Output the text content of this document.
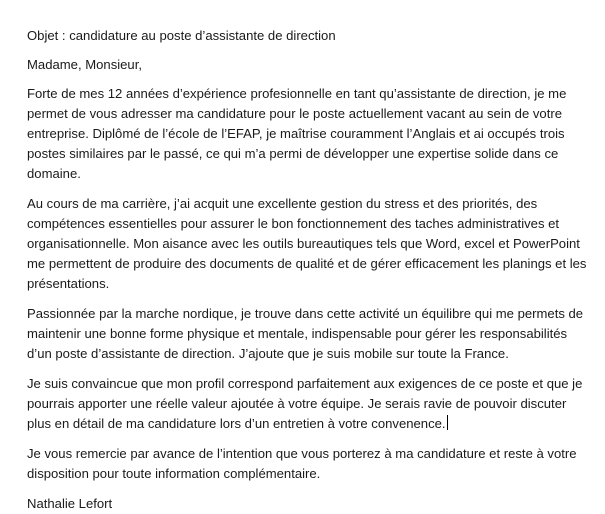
Objet : candidature au poste d’assistante de direction

Madame, Monsieur,

Forte de mes 12 années d’expérience profesionnelle en tant qu’assistante de direction, je me permet de vous adresser ma candidature pour le poste actuellement vacant au sein de votre entreprise. Diplômé de l’école de l’EFAP, je maîtrise couramment l’Anglais et ai occupés trois postes similaires par le passé, ce qui m’a permi de développer une expertise solide dans ce domaine.

Au cours de ma carrière, j’ai acquit une excellente gestion du stress et des priorités, des compétences essentielles pour assurer le bon fonctionnement des taches administratives et organisationnelle. Mon aisance avec les outils bureautiques tels que Word, excel et PowerPoint me permettent de produire des documents de qualité et de gérer efficacement les planings et les présentations.

Passionnée par la marche nordique, je trouve dans cette activité un équilibre qui me permets de maintenir une bonne forme physique et mentale, indispensable pour gérer les responsabilités d’un poste d’assistante de direction. J’ajoute que je suis mobile sur toute la France.

Je suis convaincue que mon profil correspond parfaitement aux exigences de ce poste et que je pourrais apporter une réelle valeur ajoutée à votre équipe. Je serais ravie de pouvoir discuter plus en détail de ma candidature lors d’un entretien à votre convenence.

Je vous remercie par avance de l’intention que vous porterez à ma candidature et reste à votre disposition pour toute information complémentaire.

Nathalie Lefort
